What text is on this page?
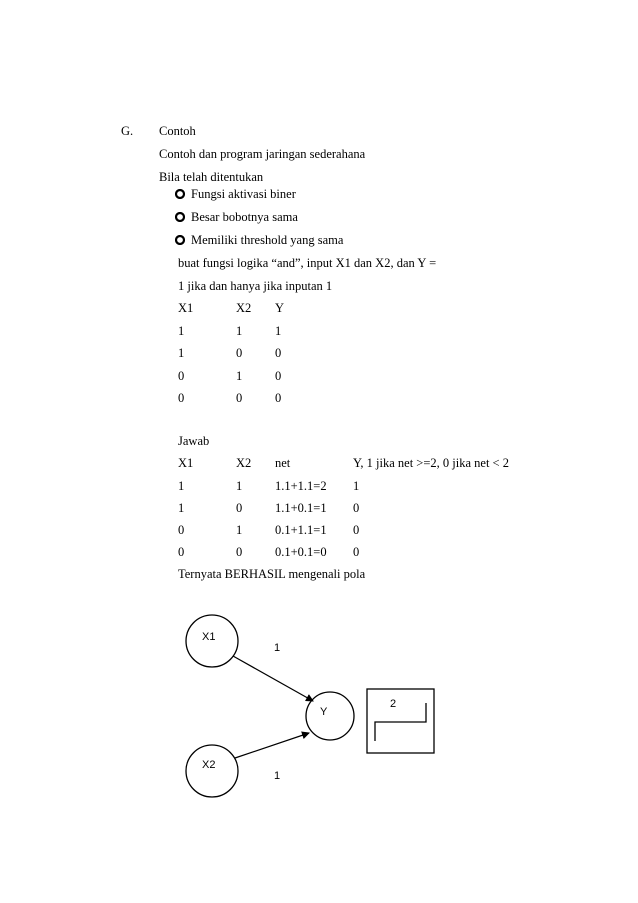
G. Contoh
Contoh dan program jaringan sederahana
Bila telah ditentukan
Fungsi aktivasi biner
Besar bobotnya sama
Memiliki threshold yang sama
buat fungsi logika “and”, input X1 dan X2, dan Y =
1 jika dan hanya jika inputan 1
X1	X2 Y
1	1	1
1	0	0
0	1	0
0	0	0
Jawab
X1	X2 net	Y, 1 jika net >=2, 0 jika net < 2
1	1	1.1+1.1=2 1
1	0	1.1+0.1=1 0
0	1	0.1+1.1=1 0
0	0	0.1+0.1=0 0
Ternyata BERHASIL mengenali pola
X1
X2
Y
1
1
2
